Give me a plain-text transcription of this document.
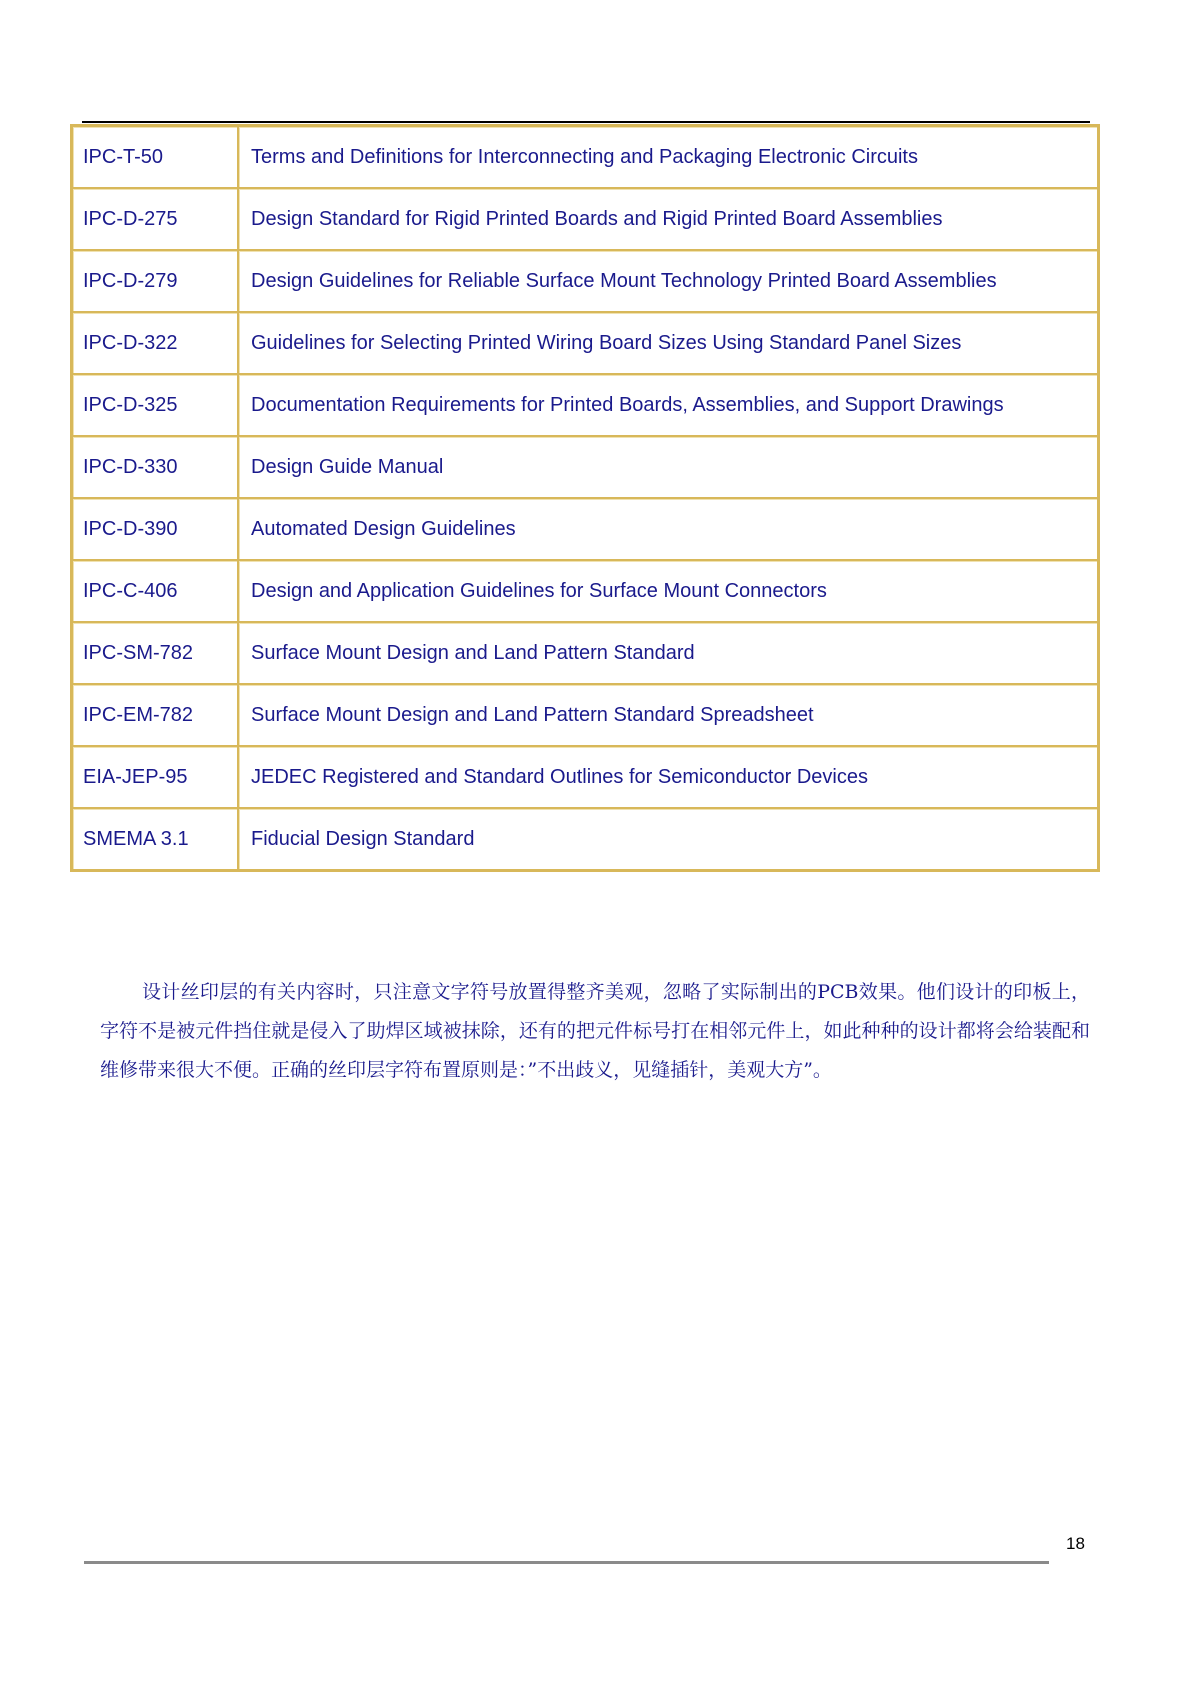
IPC-T-50	Terms and Definitions for Interconnecting and Packaging Electronic Circuits
IPC-D-275	Design Standard for Rigid Printed Boards and Rigid Printed Board Assemblies
IPC-D-279	Design Guidelines for Reliable Surface Mount Technology Printed Board Assemblies
IPC-D-322	Guidelines for Selecting Printed Wiring Board Sizes Using Standard Panel Sizes
IPC-D-325	Documentation Requirements for Printed Boards, Assemblies, and Support Drawings
IPC-D-330	Design Guide Manual
IPC-D-390	Automated Design Guidelines
IPC-C-406	Design and Application Guidelines for Surface Mount Connectors
IPC-SM-782	Surface Mount Design and Land Pattern Standard
IPC-EM-782	Surface Mount Design and Land Pattern Standard Spreadsheet
EIA-JEP-95	JEDEC Registered and Standard Outlines for Semiconductor Devices
SMEMA 3.1	Fiducial Design Standard

设计丝印层的有关内容时，只注意文字符号放置得整齐美观，忽略了实际制出的PCB效果。他们设计的印板上，字符不是被元件挡住就是侵入了助焊区域被抹除，还有的把元件标号打在相邻元件上，如此种种的设计都将会给装配和维修带来很大不便。正确的丝印层字符布置原则是：”不出歧义，见缝插针，美观大方”。

18
